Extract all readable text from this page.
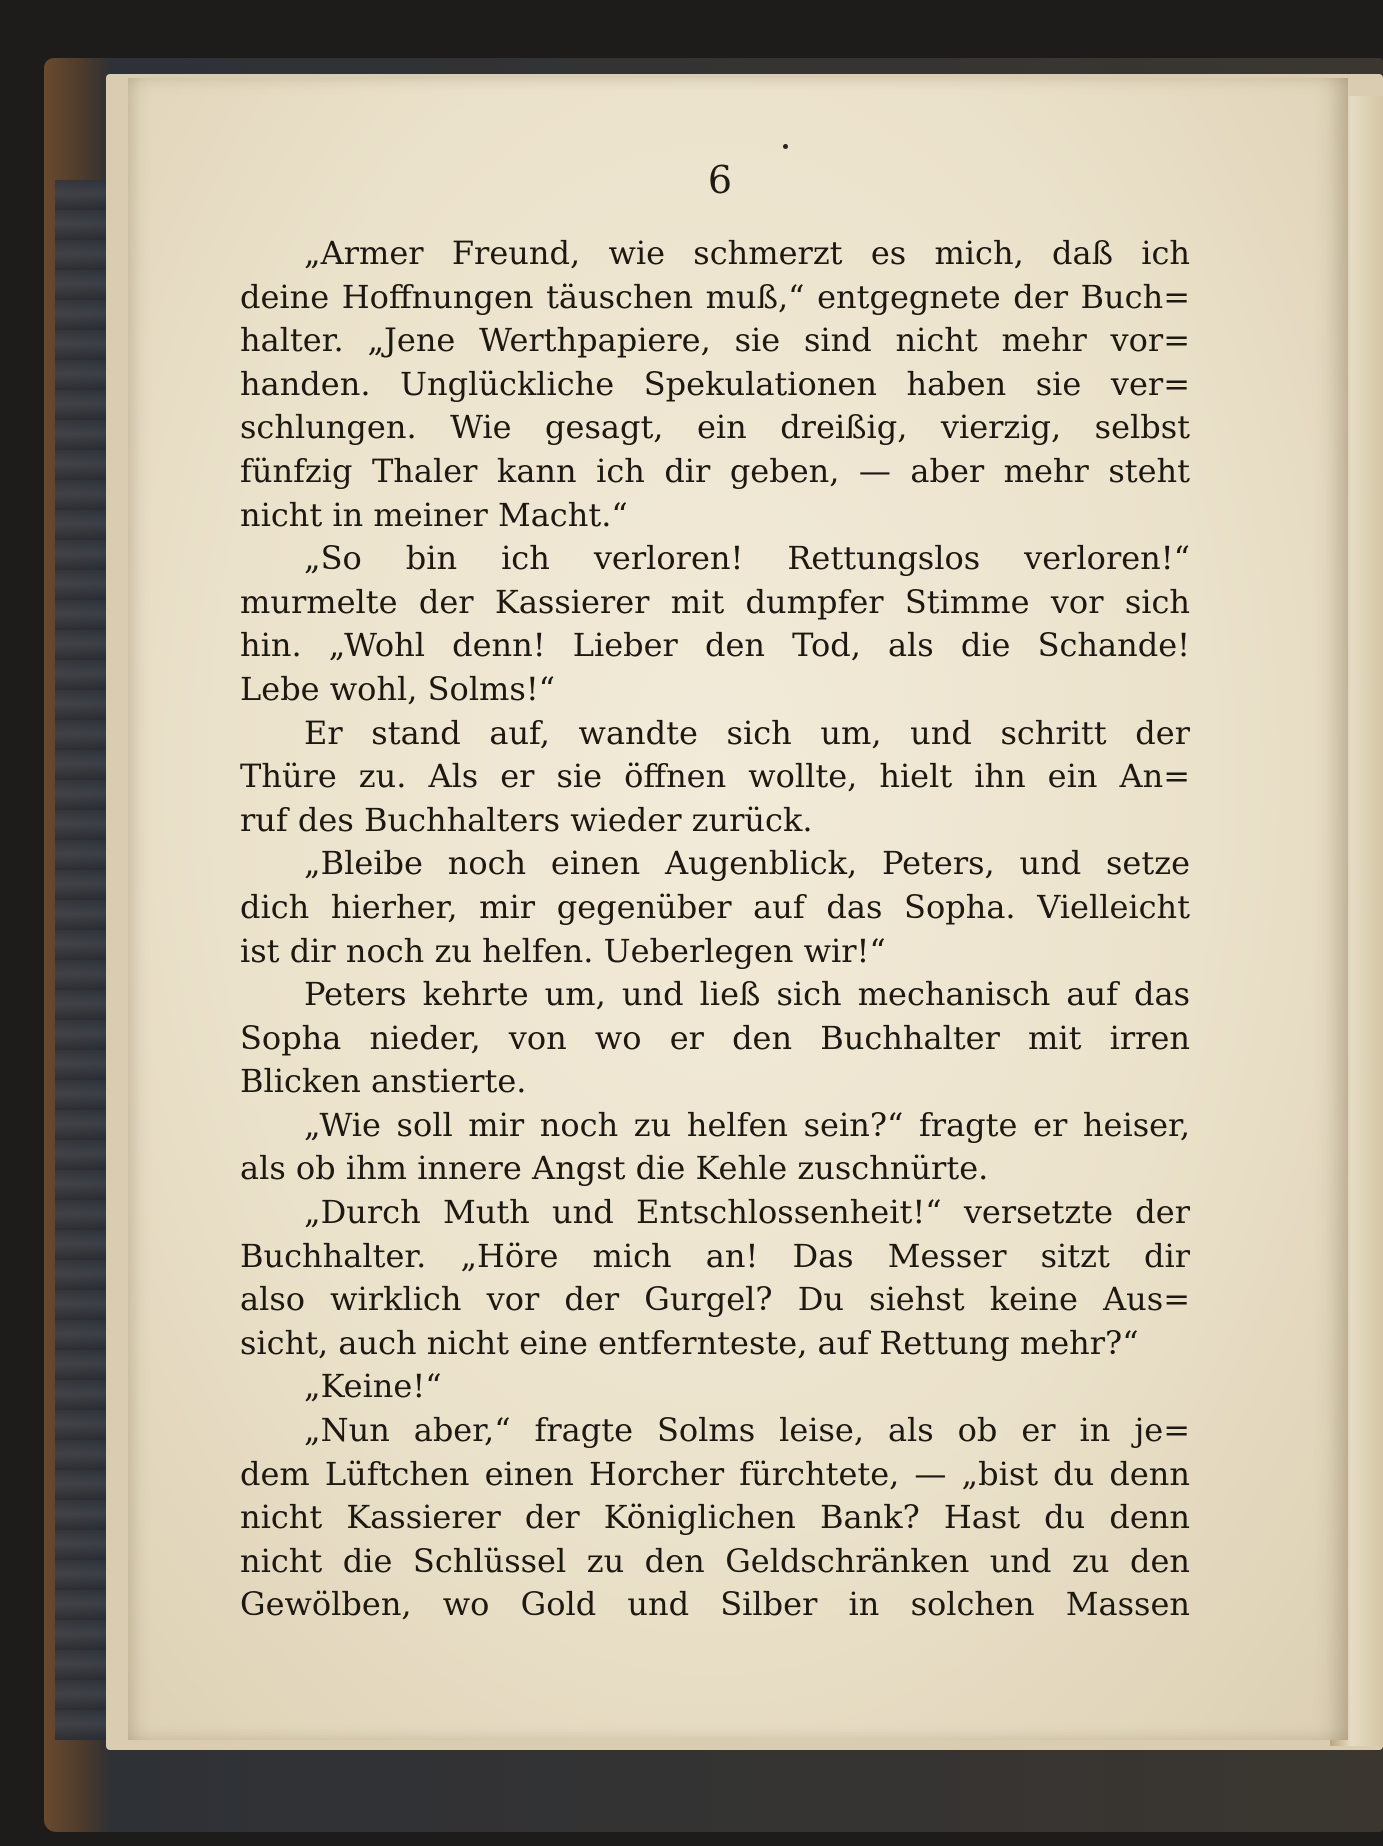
6
„Armer Freund, wie schmerzt es mich, daß ich
deine Hoffnungen täuschen muß,“ entgegnete der Buch=
halter. „Jene Werthpapiere, sie sind nicht mehr vor=
handen. Unglückliche Spekulationen haben sie ver=
schlungen. Wie gesagt, ein dreißig, vierzig, selbst
fünfzig Thaler kann ich dir geben, — aber mehr steht
nicht in meiner Macht.“
„So bin ich verloren! Rettungslos verloren!“
murmelte der Kassierer mit dumpfer Stimme vor sich
hin. „Wohl denn! Lieber den Tod, als die Schande!
Lebe wohl, Solms!“
Er stand auf, wandte sich um, und schritt der
Thüre zu. Als er sie öffnen wollte, hielt ihn ein An=
ruf des Buchhalters wieder zurück.
„Bleibe noch einen Augenblick, Peters, und setze
dich hierher, mir gegenüber auf das Sopha. Vielleicht
ist dir noch zu helfen. Ueberlegen wir!“
Peters kehrte um, und ließ sich mechanisch auf das
Sopha nieder, von wo er den Buchhalter mit irren
Blicken anstierte.
„Wie soll mir noch zu helfen sein?“ fragte er heiser,
als ob ihm innere Angst die Kehle zuschnürte.
„Durch Muth und Entschlossenheit!“ versetzte der
Buchhalter. „Höre mich an! Das Messer sitzt dir
also wirklich vor der Gurgel? Du siehst keine Aus=
sicht, auch nicht eine entfernteste, auf Rettung mehr?“
„Keine!“
„Nun aber,“ fragte Solms leise, als ob er in je=
dem Lüftchen einen Horcher fürchtete, — „bist du denn
nicht Kassierer der Königlichen Bank? Hast du denn
nicht die Schlüssel zu den Geldschränken und zu den
Gewölben, wo Gold und Silber in solchen Massen
